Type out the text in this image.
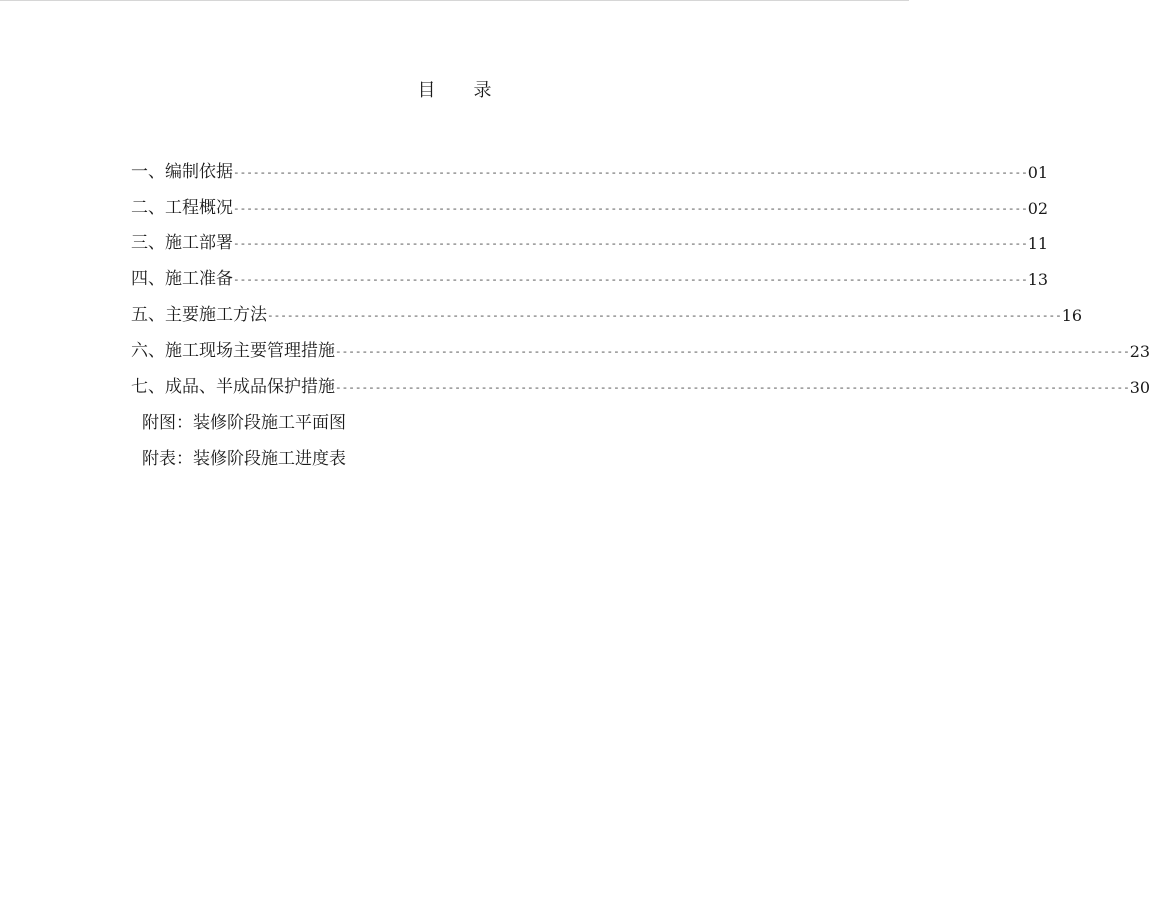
目录
一、编制依据 ------------------------------------------------------------------------------------------------------------------------ 01
二、工程概况 ------------------------------------------------------------------------------------------------------------------------ 02
三、施工部署 ------------------------------------------------------------------------------------------------------------------------ 11
四、施工准备 ------------------------------------------------------------------------------------------------------------------------ 13
五、主要施工方法 ------------------------------------------------------------------------------------------------------------------------ 16
六、施工现场主要管理措施 ------------------------------------------------------------------------------------------------------------------------ 23
七、成品、半成品保护措施 ------------------------------------------------------------------------------------------------------------------------ 30
附图：装修阶段施工平面图
附表：装修阶段施工进度表
